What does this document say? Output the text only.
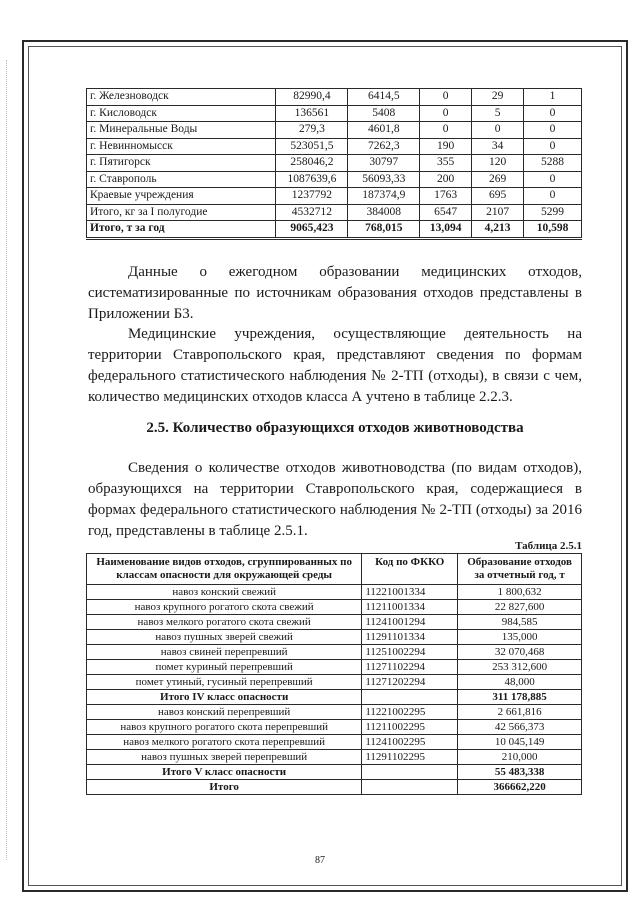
г. Железноводск	82990,4	6414,5	0	29	1
г. Кисловодск	136561	5408	0	5	0
г. Минеральные Воды	279,3	4601,8	0	0	0
г. Невинномысск	523051,5	7262,3	190	34	0
г. Пятигорск	258046,2	30797	355	120	5288
г. Ставрополь	1087639,6	56093,33	200	269	0
Краевые учреждения	1237792	187374,9	1763	695	0
Итого, кг за I полугодие	4532712	384008	6547	2107	5299
Итого, т за год	9065,423	768,015	13,094	4,213	10,598
Данные о ежегодном образовании медицинских отходов, систематизированные по источникам образования отходов представлены в Приложении Б3.
Медицинские учреждения, осуществляющие деятельность на территории Ставропольского края, представляют сведения по формам федерального статистического наблюдения № 2-ТП (отходы), в связи с чем, количество медицинских отходов класса А учтено в таблице 2.2.3.
2.5. Количество образующихся отходов животноводства
Сведения о количестве отходов животноводства (по видам отходов), образующихся на территории Ставропольского края, содержащиеся в формах федерального статистического наблюдения № 2-ТП (отходы) за 2016 год, представлены в таблице 2.5.1.
Таблица 2.5.1
Наименование видов отходов, сгруппированных по классам опасности для окружающей среды	Код по ФККО	Образование отходов за отчетный год, т
навоз конский свежий	11221001334	1 800,632
навоз крупного рогатого скота свежий	11211001334	22 827,600
навоз мелкого рогатого скота свежий	11241001294	984,585
навоз пушных зверей свежий	11291101334	135,000
навоз свиней перепревший	11251002294	32 070,468
помет куриный перепревший	11271102294	253 312,600
помет утиный, гусиный перепревший	11271202294	48,000
Итого IV класс опасности		311 178,885
навоз конский перепревший	11221002295	2 661,816
навоз крупного рогатого скота перепревший	11211002295	42 566,373
навоз мелкого рогатого скота перепревший	11241002295	10 045,149
навоз пушных зверей перепревший	11291102295	210,000
Итого V класс опасности		55 483,338
Итого		366662,220
87
